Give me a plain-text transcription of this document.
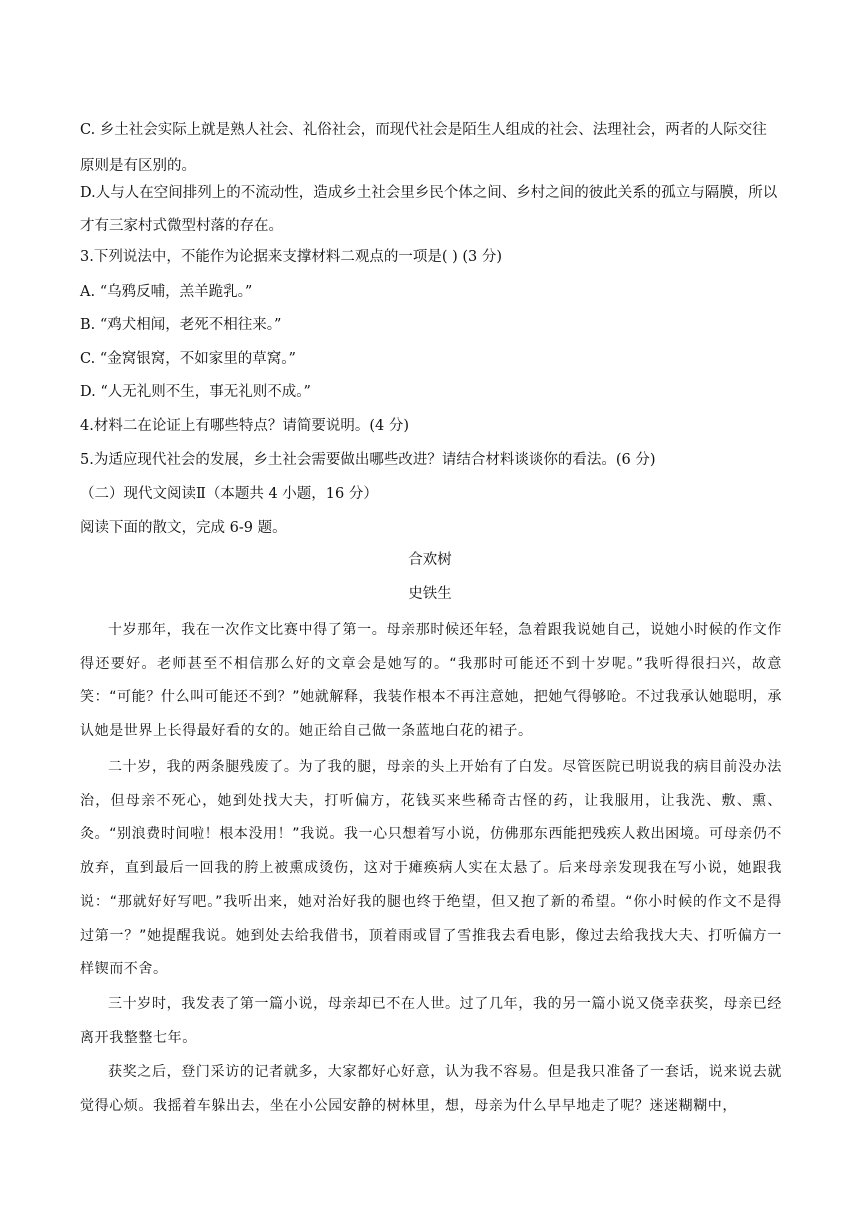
C. 乡土社会实际上就是熟人社会、礼俗社会，而现代社会是陌生人组成的社会、法理社会，两者的人际交往原则是有区别的。
D.人与人在空间排列上的不流动性，造成乡土社会里乡民个体之间、乡村之间的彼此关系的孤立与隔膜，所以才有三家村式微型村落的存在。
3.下列说法中，不能作为论据来支撑材料二观点的一项是( ) (3 分)
A. “乌鸦反哺，羔羊跪乳。”
B. “鸡犬相闻，老死不相往来。”
C. “金窝银窝，不如家里的草窝。”
D. “人无礼则不生，事无礼则不成。”
4.材料二在论证上有哪些特点？请简要说明。(4 分)
5.为适应现代社会的发展，乡土社会需要做出哪些改进？请结合材料谈谈你的看法。(6 分)
（二）现代文阅读Ⅱ（本题共 4 小题，16 分）
阅读下面的散文，完成 6-9 题。
合欢树
史铁生

十岁那年，我在一次作文比赛中得了第一。母亲那时候还年轻，急着跟我说她自己，说她小时候的作文作得还要好。老师甚至不相信那么好的文章会是她写的。“我那时可能还不到十岁呢。”我听得很扫兴，故意笑：“可能？什么叫可能还不到？”她就解释，我装作根本不再注意她，把她气得够呛。不过我承认她聪明，承认她是世界上长得最好看的女的。她正给自己做一条蓝地白花的裙子。

二十岁，我的两条腿残废了。为了我的腿，母亲的头上开始有了白发。尽管医院已明说我的病目前没办法治，但母亲不死心，她到处找大夫，打听偏方，花钱买来些稀奇古怪的药，让我服用，让我洗、敷、熏、灸。“别浪费时间啦！根本没用！”我说。我一心只想着写小说，仿佛那东西能把残疾人救出困境。可母亲仍不放弃，直到最后一回我的胯上被熏成烫伤，这对于瘫痪病人实在太悬了。后来母亲发现我在写小说，她跟我说：“那就好好写吧。”我听出来，她对治好我的腿也终于绝望，但又抱了新的希望。“你小时候的作文不是得过第一？”她提醒我说。她到处去给我借书，顶着雨或冒了雪推我去看电影，像过去给我找大夫、打听偏方一样锲而不舍。

三十岁时，我发表了第一篇小说，母亲却已不在人世。过了几年，我的另一篇小说又侥幸获奖，母亲已经离开我整整七年。

获奖之后，登门采访的记者就多，大家都好心好意，认为我不容易。但是我只准备了一套话，说来说去就觉得心烦。我摇着车躲出去，坐在小公园安静的树林里，想，母亲为什么早早地走了呢？迷迷糊糊中，
